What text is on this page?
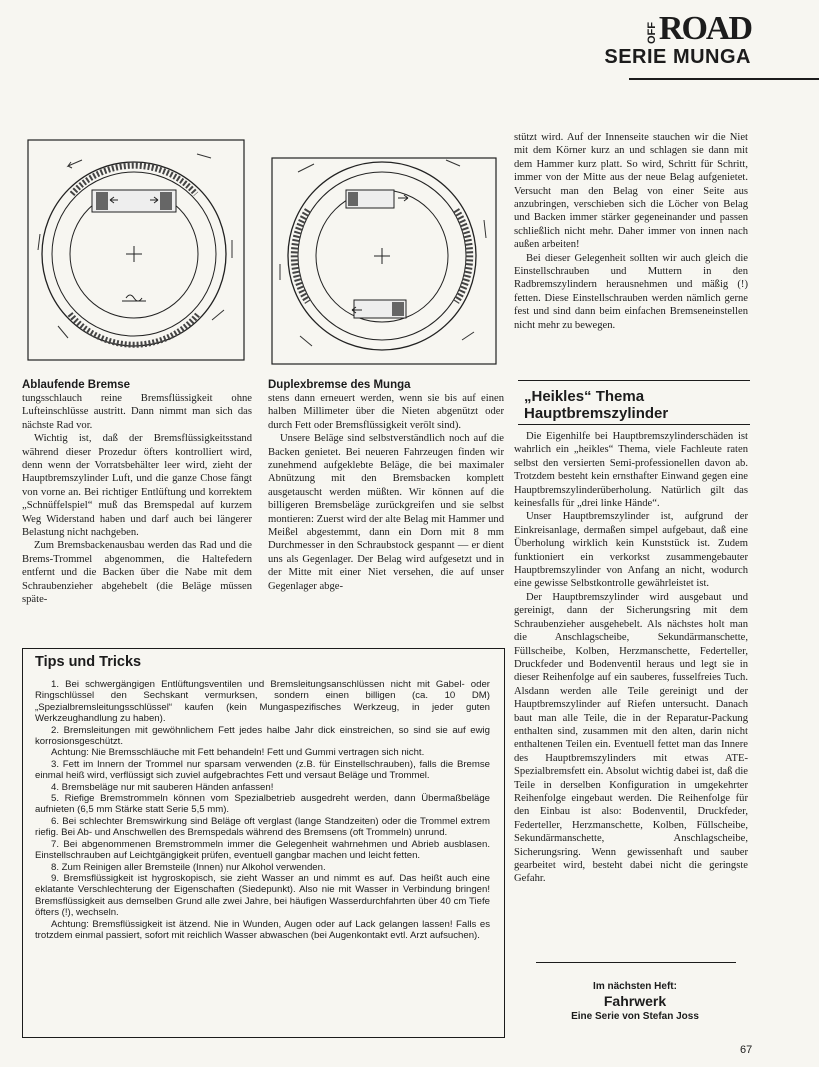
OFF ROAD
SERIE MUNGA
Ablaufende Bremse	Duplexbremse des Munga

tungsschlauch reine Bremsflüssigkeit ohne Lufteinschlüsse austritt. Dann nimmt man sich das nächste Rad vor.

Wichtig ist, daß der Bremsflüssigkeitsstand während dieser Prozedur öfters kontrolliert wird, denn wenn der Vorratsbehälter leer wird, zieht der Hauptbremszylinder Luft, und die ganze Chose fängt von vorne an. Bei richtiger Entlüftung und korrektem „Schnüffelspiel“ muß das Bremspedal auf kurzem Weg Widerstand haben und darf auch bei längerer Belastung nicht nachgeben.

Zum Bremsbackenausbau werden das Rad und die Brems-Trommel abgenommen, die Haltefedern entfernt und die Backen über die Nabe mit dem Schraubenzieher abgehebelt (die Beläge müssen späte-

stens dann erneuert werden, wenn sie bis auf einen halben Millimeter über die Nieten abgenützt oder durch Fett oder Bremsflüssigkeit verölt sind).

Unsere Beläge sind selbstverständlich noch auf die Backen genietet. Bei neueren Fahrzeugen finden wir zunehmend aufgeklebte Beläge, die bei maximaler Abnützung mit den Bremsbacken komplett ausgetauscht werden müßten. Wir können auf die billigeren Bremsbeläge zurückgreifen und sie selbst montieren: Zuerst wird der alte Belag mit Hammer und Meißel abgestemmt, dann ein Dorn mit 8 mm Durchmesser in den Schraubstock gespannt — er dient uns als Gegenlager. Der Belag wird aufgesetzt und in der Mitte mit einer Niet versehen, die auf unser Gegenlager abge-

stützt wird. Auf der Innenseite stauchen wir die Niet mit dem Körner kurz an und schlagen sie dann mit dem Hammer kurz platt. So wird, Schritt für Schritt, immer von der Mitte aus der neue Belag aufgenietet. Versucht man den Belag von einer Seite aus anzubringen, verschieben sich die Löcher von Belag und Backen immer stärker gegeneinander und passen schließlich nicht mehr. Daher immer von innen nach außen arbeiten!

Bei dieser Gelegenheit sollten wir auch gleich die Einstellschrauben und Muttern in den Radbremszylindern herausnehmen und mäßig (!) fetten. Diese Einstellschrauben werden nämlich gerne fest und sind dann beim einfachen Bremseneinstellen nicht mehr zu bewegen.

„Heikles“ Thema
Hauptbremszylinder

Die Eigenhilfe bei Hauptbremszylinderschäden ist wahrlich ein „heikles“ Thema, viele Fachleute raten selbst den versierten Semi-professionellen davon ab. Trotzdem besteht kein ernsthafter Einwand gegen eine Hauptbremszylinderüberholung. Natürlich gilt das keinesfalls für „drei linke Hände“.

Unser Hauptbremszylinder ist, aufgrund der Einkreisanlage, dermaßen simpel aufgebaut, daß eine Überholung wirklich kein Kunststück ist. Zudem funktioniert ein verkorkst zusammengebauter Hauptbremszylinder von Anfang an nicht, wodurch eine gewisse Selbstkontrolle gewährleistet ist.

Der Hauptbremszylinder wird ausgebaut und gereinigt, dann der Sicherungsring mit dem Schraubenzieher ausgehebelt. Als nächstes holt man die Anschlagscheibe, Sekundärmanschette, Füllscheibe, Kolben, Herzmanschette, Federteller, Druckfeder und Bodenventil heraus und legt sie in dieser Reihenfolge auf ein sauberes, fusselfreies Tuch. Alsdann werden alle Teile gereinigt und der Hauptbremszylinder auf Riefen untersucht. Danach baut man alle Teile, die in der Reparatur-Packung enthalten sind, zusammen mit den alten, darin nicht enthaltenen Teilen ein. Eventuell fettet man das Innere des Hauptbremszylinders mit etwas ATE-Spezialbremsfett ein. Absolut wichtig dabei ist, daß die Teile in derselben Konfiguration in umgekehrter Reihenfolge eingebaut werden. Die Reihenfolge für den Einbau ist also: Bodenventil, Druckfeder, Federteller, Herzmanschette, Kolben, Füllscheibe, Sekundärmanschette, Anschlagscheibe, Sicherungsring. Wenn gewissenhaft und sauber gearbeitet wird, besteht dabei nicht die geringste Gefahr.

Tips und Tricks

1. Bei schwergängigen Entlüftungsventilen und Bremsleitungsanschlüssen nicht mit Gabel- oder Ringschlüssel den Sechskant vermurksen, sondern einen billigen (ca. 10 DM) „Spezialbremsleitungsschlüssel“ kaufen (kein Mungaspezifisches Werkzeug, in jeder guten Werkzeughandlung zu haben).

2. Bremsleitungen mit gewöhnlichem Fett jedes halbe Jahr dick einstreichen, so sind sie auf ewig korrosionsgeschützt.

Achtung: Nie Bremsschläuche mit Fett behandeln! Fett und Gummi vertragen sich nicht.

3. Fett im Innern der Trommel nur sparsam verwenden (z.B. für Einstellschrauben), falls die Bremse einmal heiß wird, verflüssigt sich zuviel aufgebrachtes Fett und versaut Beläge und Trommel.

4. Bremsbeläge nur mit sauberen Händen anfassen!

5. Riefige Bremstrommeln können vom Spezialbetrieb ausgedreht werden, dann Übermaßbeläge aufnieten (6,5 mm Stärke statt Serie 5,5 mm).

6. Bei schlechter Bremswirkung sind Beläge oft verglast (lange Standzeiten) oder die Trommel extrem riefig. Bei Ab- und Anschwellen des Bremspedals während des Bremsens (oft Trommeln) unrund.

7. Bei abgenommenen Bremstrommeln immer die Gelegenheit wahrnehmen und Abrieb ausblasen. Einstellschrauben auf Leichtgängigkeit prüfen, eventuell gangbar machen und leicht fetten.

8. Zum Reinigen aller Bremsteile (Innen) nur Alkohol verwenden.

9. Bremsflüssigkeit ist hygroskopisch, sie zieht Wasser an und nimmt es auf. Das heißt auch eine eklatante Verschlechterung der Eigenschaften (Siedepunkt). Also nie mit Wasser in Verbindung bringen! Bremsflüssigkeit aus demselben Grund alle zwei Jahre, bei häufigen Wasserdurchfahrten über 40 cm Tiefe öfters (!), wechseln.

Achtung: Bremsflüssigkeit ist ätzend. Nie in Wunden, Augen oder auf Lack gelangen lassen! Falls es trotzdem einmal passiert, sofort mit reichlich Wasser abwaschen (bei Augenkontakt evtl. Arzt aufsuchen).

Im nächsten Heft:
Fahrwerk
Eine Serie von Stefan Joss
67
